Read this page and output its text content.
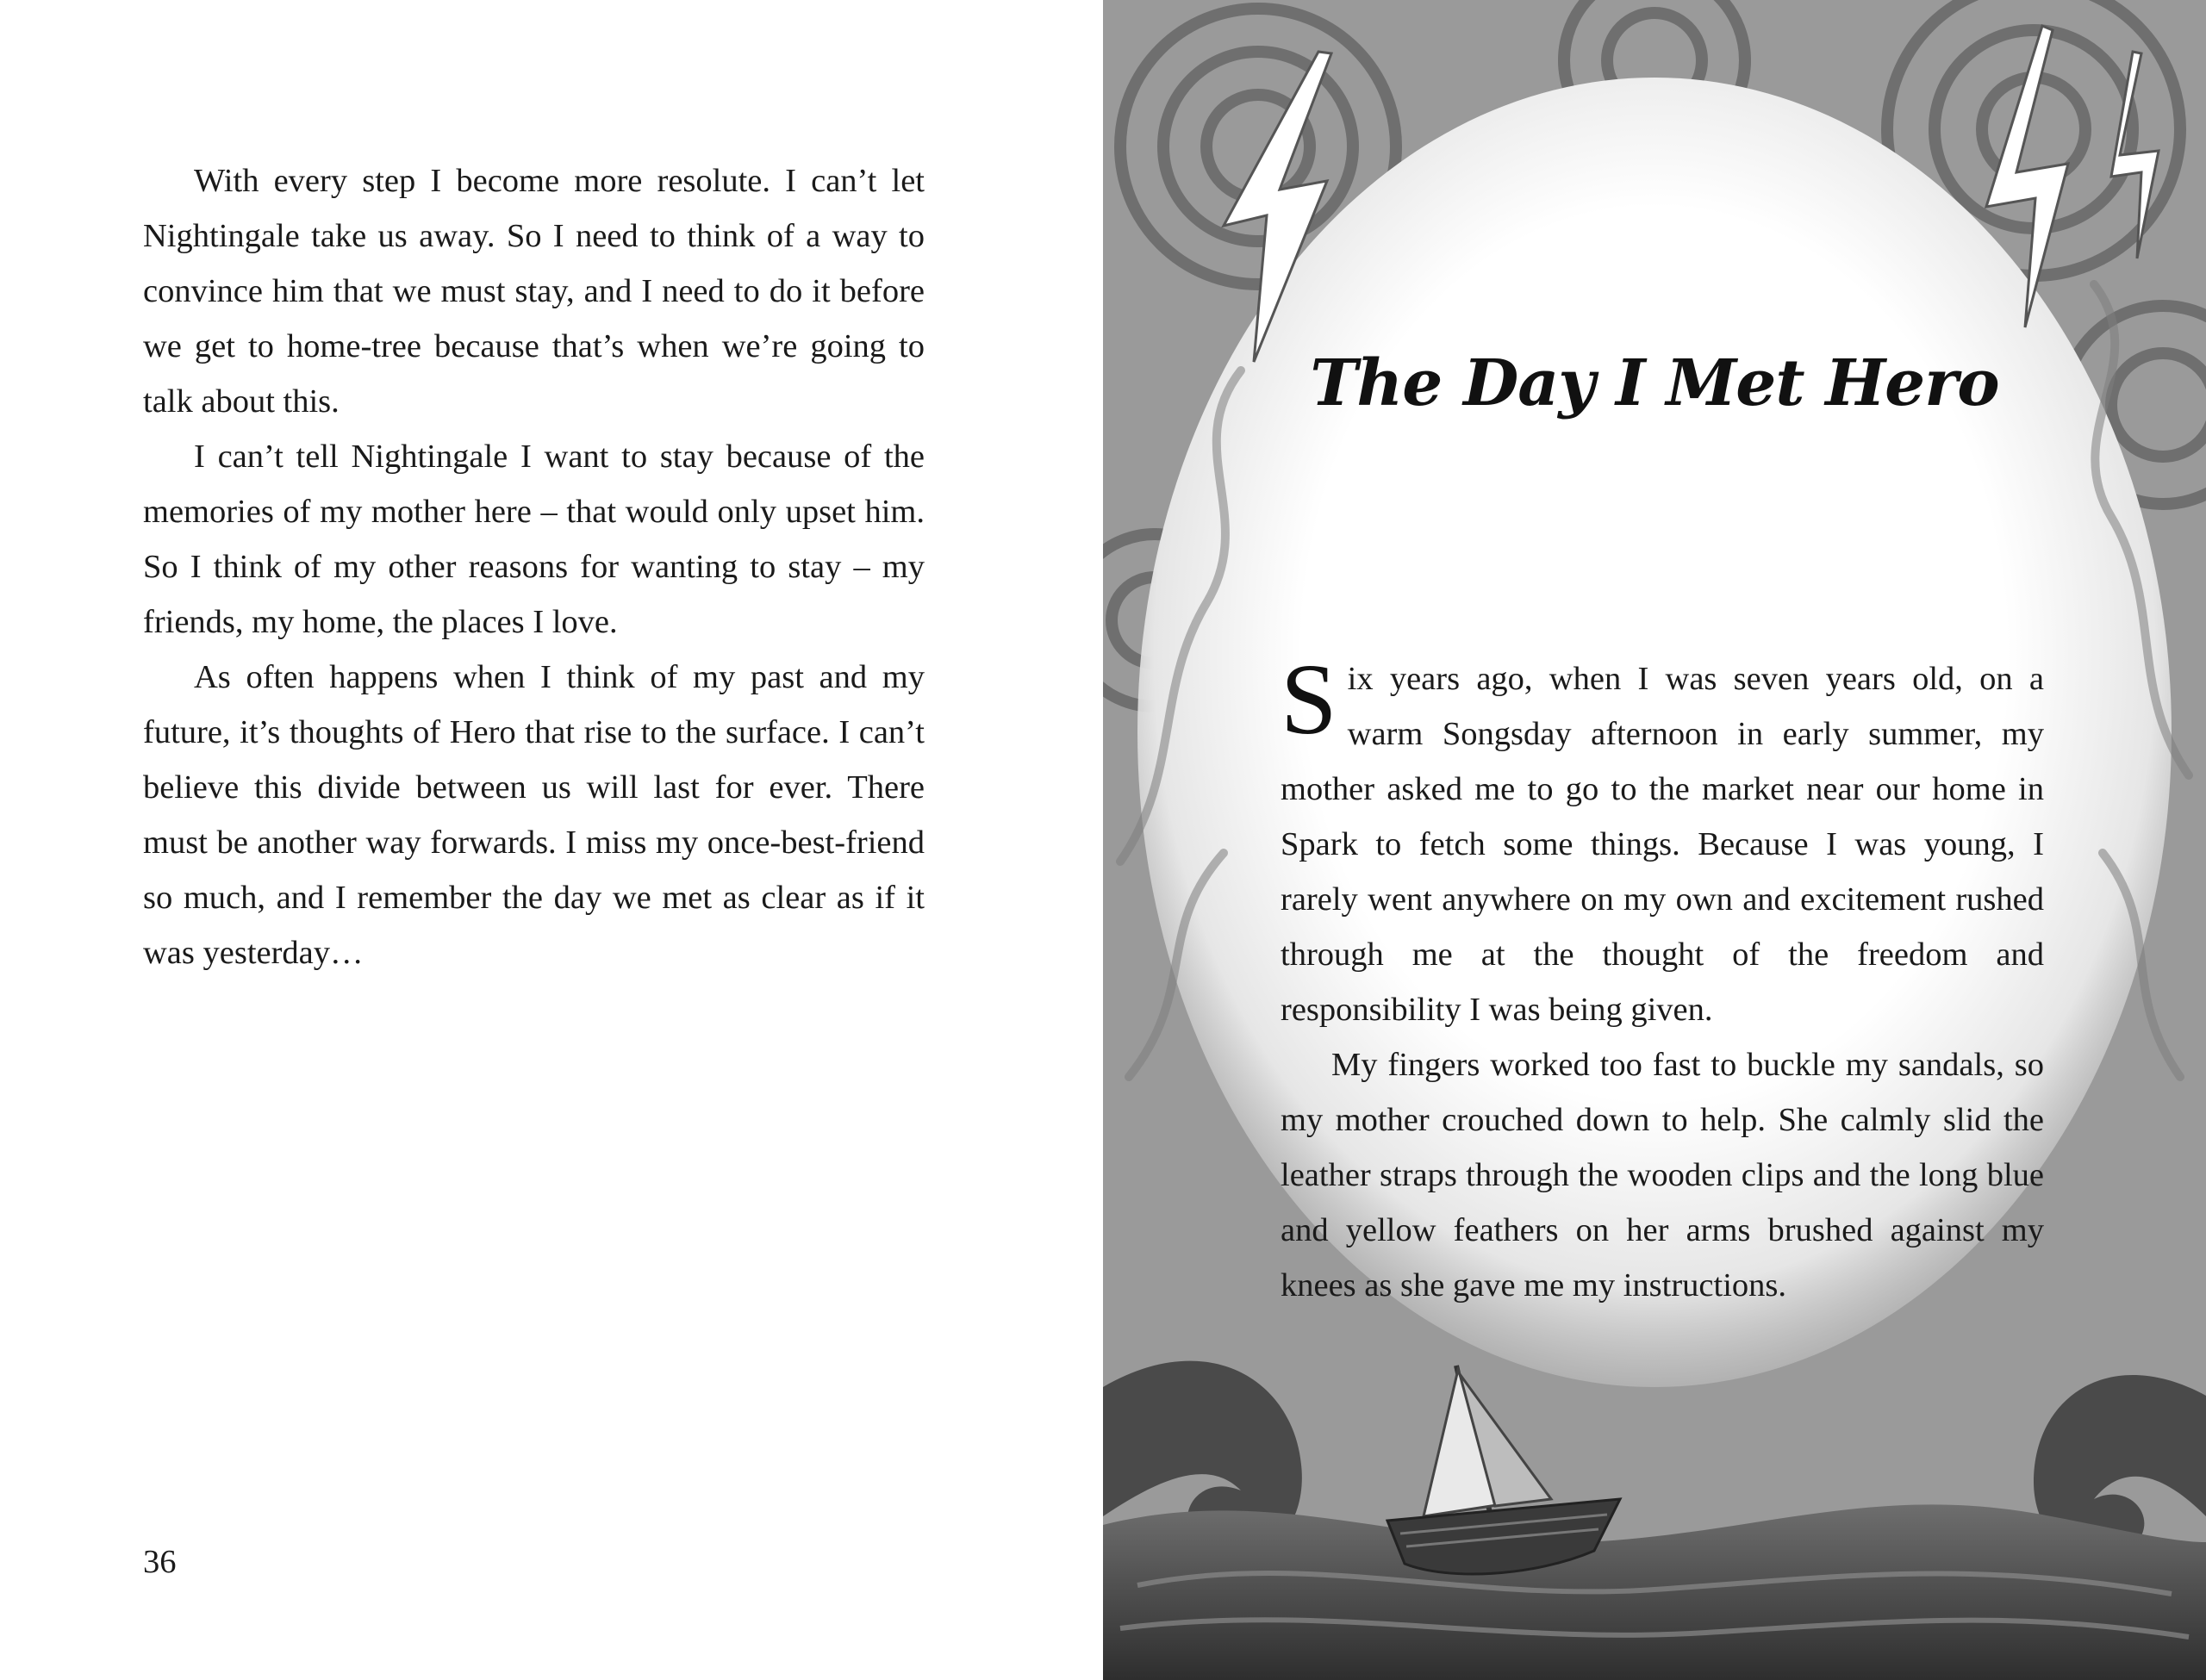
With every step I become more resolute. I can’t let Nightingale take us away. So I need to think of a way to convince him that we must stay, and I need to do it before we get to home-tree because that’s when we’re going to talk about this.

I can’t tell Nightingale I want to stay because of the memories of my mother here – that would only upset him. So I think of my other reasons for wanting to stay – my friends, my home, the places I love.

As often happens when I think of my past and my future, it’s thoughts of Hero that rise to the surface. I can’t believe this divide between us will last for ever. There must be another way forwards. I miss my once-best-friend so much, and I remember the day we met as clear as if it was yesterday…

36
The Day I Met Hero

Six years ago, when I was seven years old, on a warm Songsday afternoon in early summer, my mother asked me to go to the market near our home in Spark to fetch some things. Because I was young, I rarely went anywhere on my own and excitement rushed through me at the thought of the freedom and responsibility I was being given.

My fingers worked too fast to buckle my sandals, so my mother crouched down to help. She calmly slid the leather straps through the wooden clips and the long blue and yellow feathers on her arms brushed against my knees as she gave me my instructions.
